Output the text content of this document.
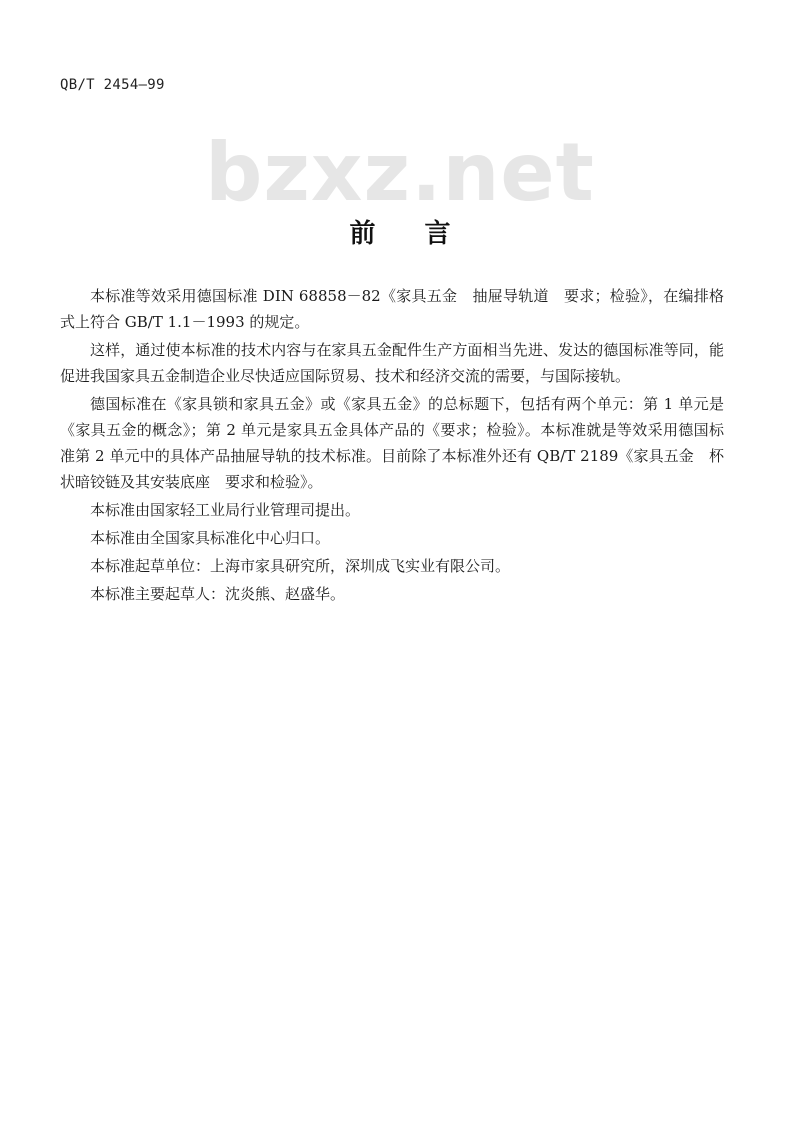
QB/T 2454—99
bzxz.net
前 言

本标准等效采用德国标准 DIN 68858－82《家具五金　抽屉导轨道　要求；检验》，在编排格式上符合 GB/T 1.1－1993 的规定。

这样，通过使本标准的技术内容与在家具五金配件生产方面相当先进、发达的德国标准等同，能促进我国家具五金制造企业尽快适应国际贸易、技术和经济交流的需要，与国际接轨。

德国标准在《家具锁和家具五金》或《家具五金》的总标题下，包括有两个单元：第 1 单元是《家具五金的概念》；第 2 单元是家具五金具体产品的《要求；检验》。本标准就是等效采用德国标准第 2 单元中的具体产品抽屉导轨的技术标准。目前除了本标准外还有 QB/T 2189《家具五金　杯状暗铰链及其安装底座　要求和检验》。

本标准由国家轻工业局行业管理司提出。

本标准由全国家具标准化中心归口。

本标准起草单位：上海市家具研究所，深圳成飞实业有限公司。

本标准主要起草人：沈炎熊、赵盛华。
